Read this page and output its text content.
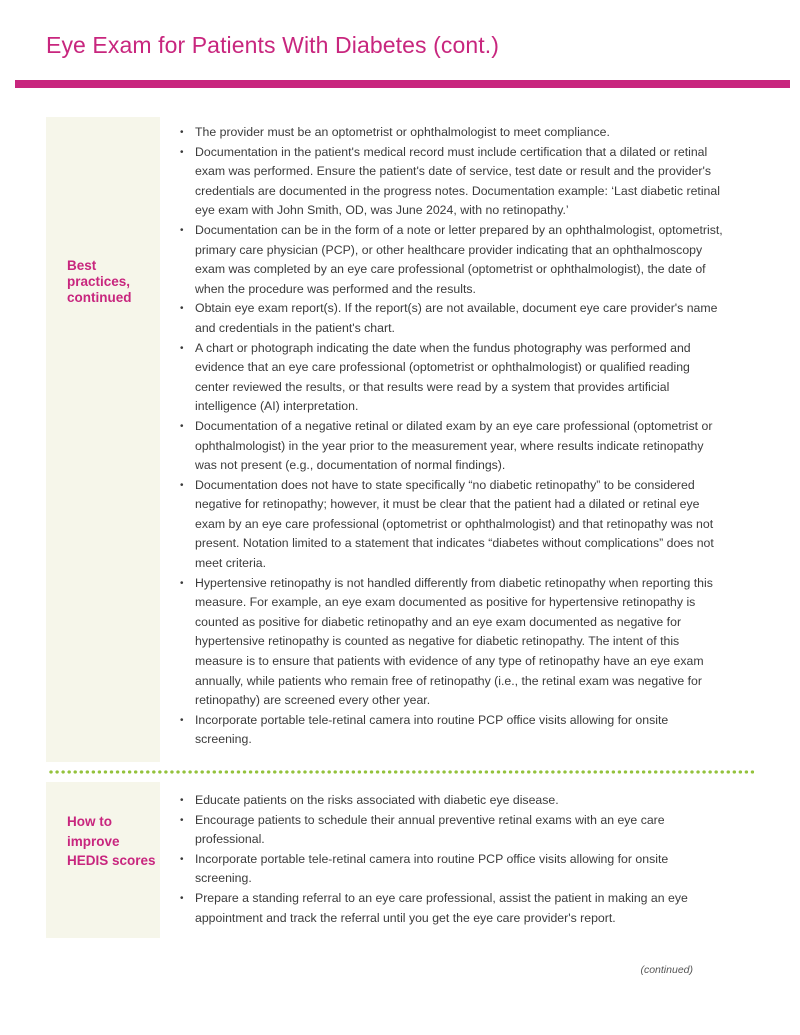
Eye Exam for Patients With Diabetes (cont.)

Best practices, continued

• The provider must be an optometrist or ophthalmologist to meet compliance.
• Documentation in the patient's medical record must include certification that a dilated or retinal exam was performed. Ensure the patient's date of service, test date or result and the provider's credentials are documented in the progress notes. Documentation example: ‘Last diabetic retinal eye exam with John Smith, OD, was June 2024, with no retinopathy.’
• Documentation can be in the form of a note or letter prepared by an ophthalmologist, optometrist, primary care physician (PCP), or other healthcare provider indicating that an ophthalmoscopy exam was completed by an eye care professional (optometrist or ophthalmologist), the date of when the procedure was performed and the results.
• Obtain eye exam report(s). If the report(s) are not available, document eye care provider's name and credentials in the patient's chart.
• A chart or photograph indicating the date when the fundus photography was performed and evidence that an eye care professional (optometrist or ophthalmologist) or qualified reading center reviewed the results, or that results were read by a system that provides artificial intelligence (AI) interpretation.
• Documentation of a negative retinal or dilated exam by an eye care professional (optometrist or ophthalmologist) in the year prior to the measurement year, where results indicate retinopathy was not present (e.g., documentation of normal findings).
• Documentation does not have to state specifically “no diabetic retinopathy” to be considered negative for retinopathy; however, it must be clear that the patient had a dilated or retinal eye exam by an eye care professional (optometrist or ophthalmologist) and that retinopathy was not present. Notation limited to a statement that indicates “diabetes without complications” does not meet criteria.
• Hypertensive retinopathy is not handled differently from diabetic retinopathy when reporting this measure. For example, an eye exam documented as positive for hypertensive retinopathy is counted as positive for diabetic retinopathy and an eye exam documented as negative for hypertensive retinopathy is counted as negative for diabetic retinopathy. The intent of this measure is to ensure that patients with evidence of any type of retinopathy have an eye exam annually, while patients who remain free of retinopathy (i.e., the retinal exam was negative for retinopathy) are screened every other year.
• Incorporate portable tele-retinal camera into routine PCP office visits allowing for onsite screening.

How to improve HEDIS scores

• Educate patients on the risks associated with diabetic eye disease.
• Encourage patients to schedule their annual preventive retinal exams with an eye care professional.
• Incorporate portable tele-retinal camera into routine PCP office visits allowing for onsite screening.
• Prepare a standing referral to an eye care professional, assist the patient in making an eye appointment and track the referral until you get the eye care provider's report.
(continued)
